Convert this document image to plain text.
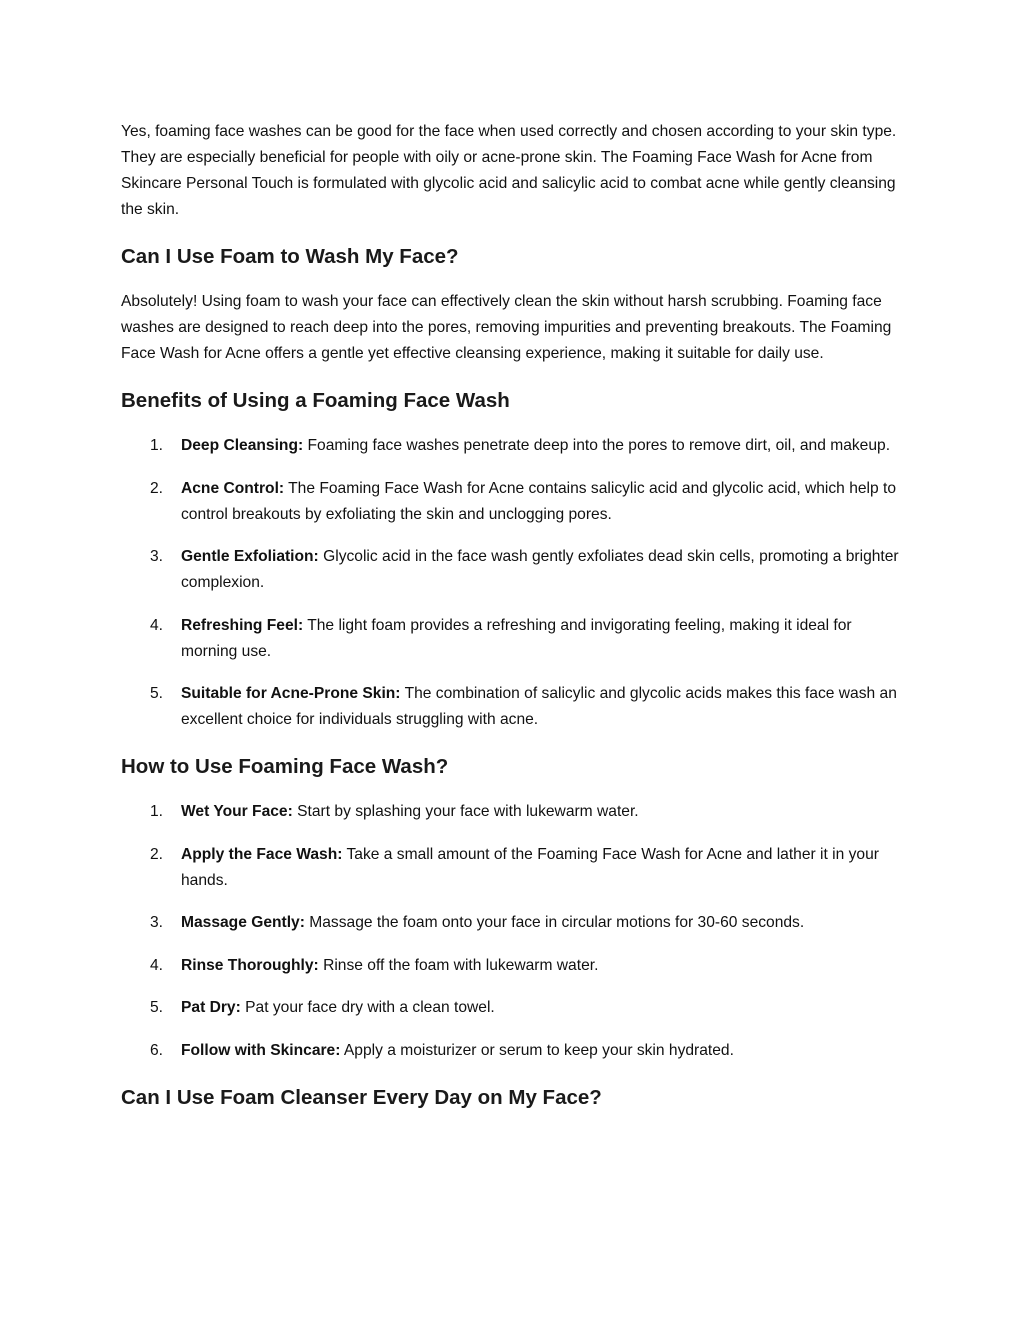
Yes, foaming face washes can be good for the face when used correctly and chosen according to your skin type. They are especially beneficial for people with oily or acne-prone skin. The Foaming Face Wash for Acne from Skincare Personal Touch is formulated with glycolic acid and salicylic acid to combat acne while gently cleansing the skin.

Can I Use Foam to Wash My Face?

Absolutely! Using foam to wash your face can effectively clean the skin without harsh scrubbing. Foaming face washes are designed to reach deep into the pores, removing impurities and preventing breakouts. The Foaming Face Wash for Acne offers a gentle yet effective cleansing experience, making it suitable for daily use.

Benefits of Using a Foaming Face Wash
1. Deep Cleansing: Foaming face washes penetrate deep into the pores to remove dirt, oil, and makeup.
2. Acne Control: The Foaming Face Wash for Acne contains salicylic acid and glycolic acid, which help to control breakouts by exfoliating the skin and unclogging pores.
3. Gentle Exfoliation: Glycolic acid in the face wash gently exfoliates dead skin cells, promoting a brighter complexion.
4. Refreshing Feel: The light foam provides a refreshing and invigorating feeling, making it ideal for morning use.
5. Suitable for Acne-Prone Skin: The combination of salicylic and glycolic acids makes this face wash an excellent choice for individuals struggling with acne.
How to Use Foaming Face Wash?
1. Wet Your Face: Start by splashing your face with lukewarm water.
2. Apply the Face Wash: Take a small amount of the Foaming Face Wash for Acne and lather it in your hands.
3. Massage Gently: Massage the foam onto your face in circular motions for 30-60 seconds.
4. Rinse Thoroughly: Rinse off the foam with lukewarm water.
5. Pat Dry: Pat your face dry with a clean towel.
6. Follow with Skincare: Apply a moisturizer or serum to keep your skin hydrated.
Can I Use Foam Cleanser Every Day on My Face?
